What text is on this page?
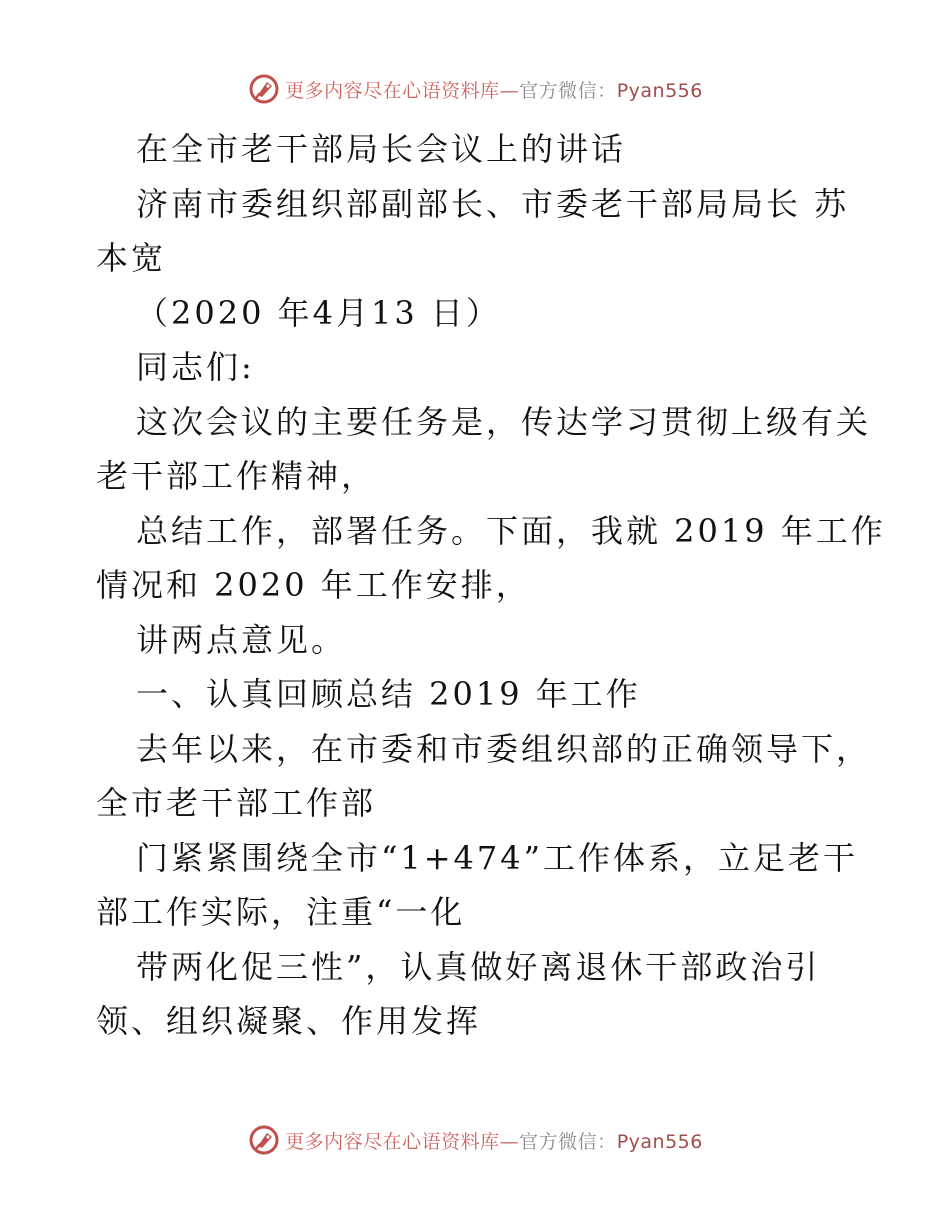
更多内容尽在心语资料库—官方微信：Pyan556
在全市老干部局长会议上的讲话
济南市委组织部副部长、市委老干部局局长 苏
本宽
（2020 年4月13 日）
同志们:
这次会议的主要任务是，传达学习贯彻上级有关
老干部工作精神，
总结工作，部署任务。下面，我就 2019 年工作
情况和 2020 年工作安排，
讲两点意见。
一、认真回顾总结 2019 年工作
去年以来，在市委和市委组织部的正确领导下，
全市老干部工作部
门紧紧围绕全市“1+474”工作体系，立足老干
部工作实际，注重“一化
带两化促三性”，认真做好离退休干部政治引
领、组织凝聚、作用发挥
更多内容尽在心语资料库—官方微信：Pyan556
